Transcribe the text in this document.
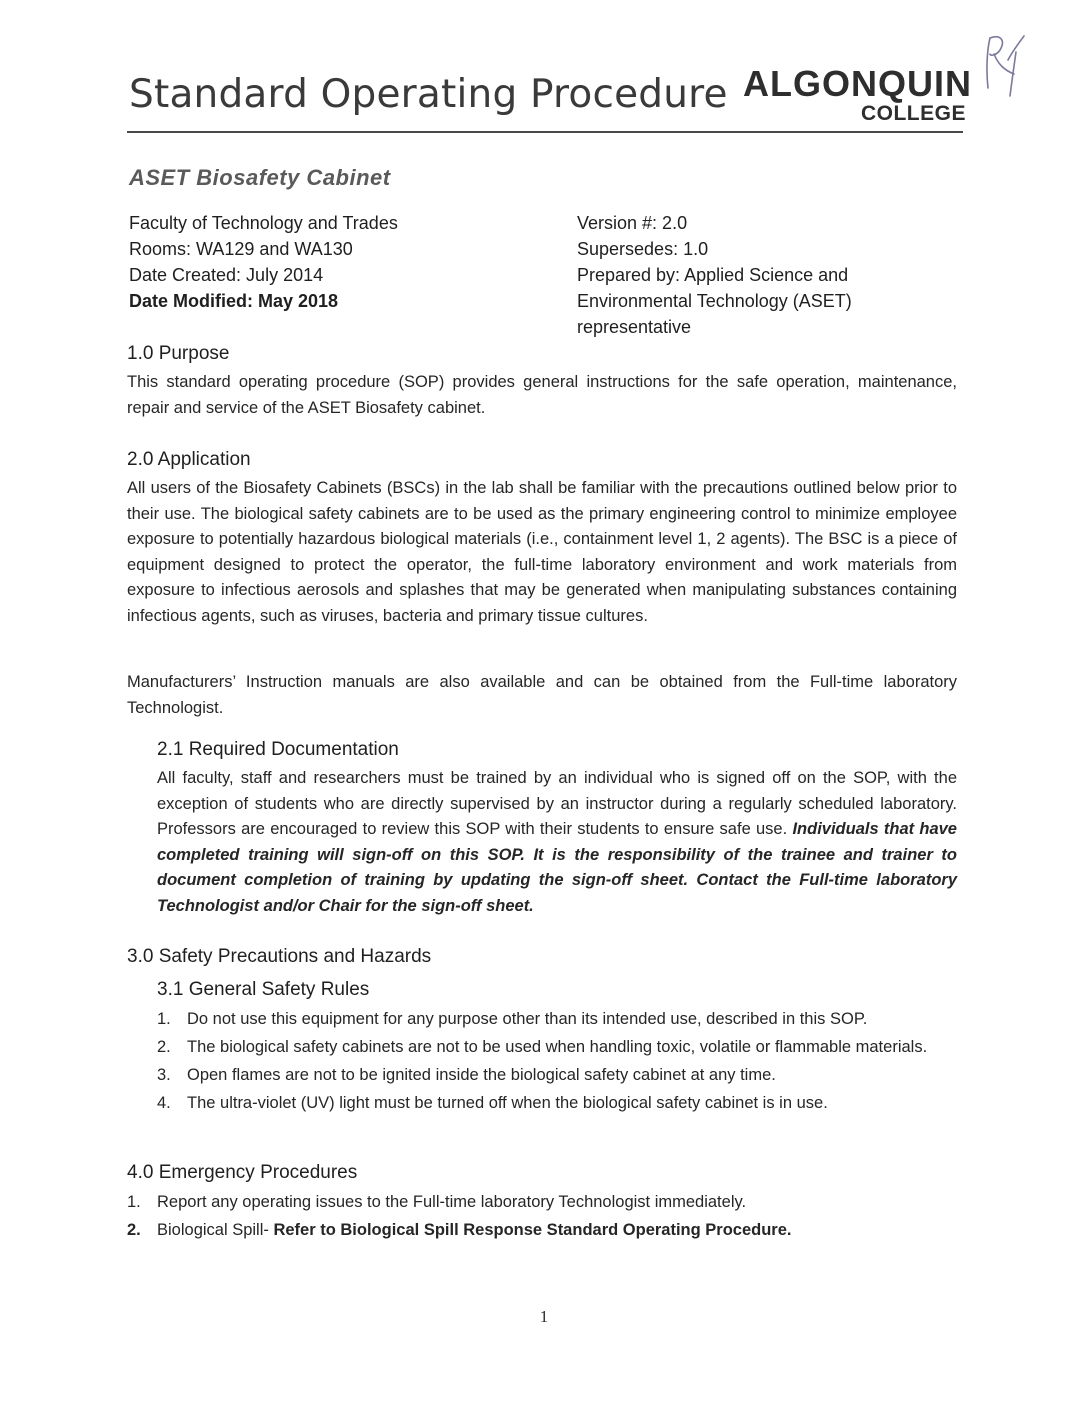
Standard Operating Procedure ALGONQUIN
COLLEGE
ASET Biosafety Cabinet
Faculty of Technology and Trades
Rooms: WA129 and WA130
Date Created: July 2014
Date Modified: May 2018
Version #: 2.0
Supersedes: 1.0
Prepared by: Applied Science and
Environmental Technology (ASET)
representative
1.0 Purpose

This standard operating procedure (SOP) provides general instructions for the safe operation, maintenance, repair and service of the ASET Biosafety cabinet.

2.0 Application

All users of the Biosafety Cabinets (BSCs) in the lab shall be familiar with the precautions outlined below prior to their use. The biological safety cabinets are to be used as the primary engineering control to minimize employee exposure to potentially hazardous biological materials (i.e., containment level 1, 2 agents). The BSC is a piece of equipment designed to protect the operator, the full-time laboratory environment and work materials from exposure to infectious aerosols and splashes that may be generated when manipulating substances containing infectious agents, such as viruses, bacteria and primary tissue cultures.

Manufacturers’ Instruction manuals are also available and can be obtained from the Full-time laboratory Technologist.

2.1 Required Documentation

All faculty, staff and researchers must be trained by an individual who is signed off on the SOP, with the exception of students who are directly supervised by an instructor during a regularly scheduled laboratory. Professors are encouraged to review this SOP with their students to ensure safe use. Individuals that have completed training will sign-off on this SOP. It is the responsibility of the trainee and trainer to document completion of training by updating the sign-off sheet. Contact the Full-time laboratory Technologist and/or Chair for the sign-off sheet.

3.0 Safety Precautions and Hazards
3.1 General Safety Rules
1. Do not use this equipment for any purpose other than its intended use, described in this SOP.
2. The biological safety cabinets are not to be used when handling toxic, volatile or flammable materials.
3. Open flames are not to be ignited inside the biological safety cabinet at any time.
4. The ultra-violet (UV) light must be turned off when the biological safety cabinet is in use.
4.0 Emergency Procedures
1. Report any operating issues to the Full-time laboratory Technologist immediately.
2. Biological Spill- Refer to Biological Spill Response Standard Operating Procedure.
1
